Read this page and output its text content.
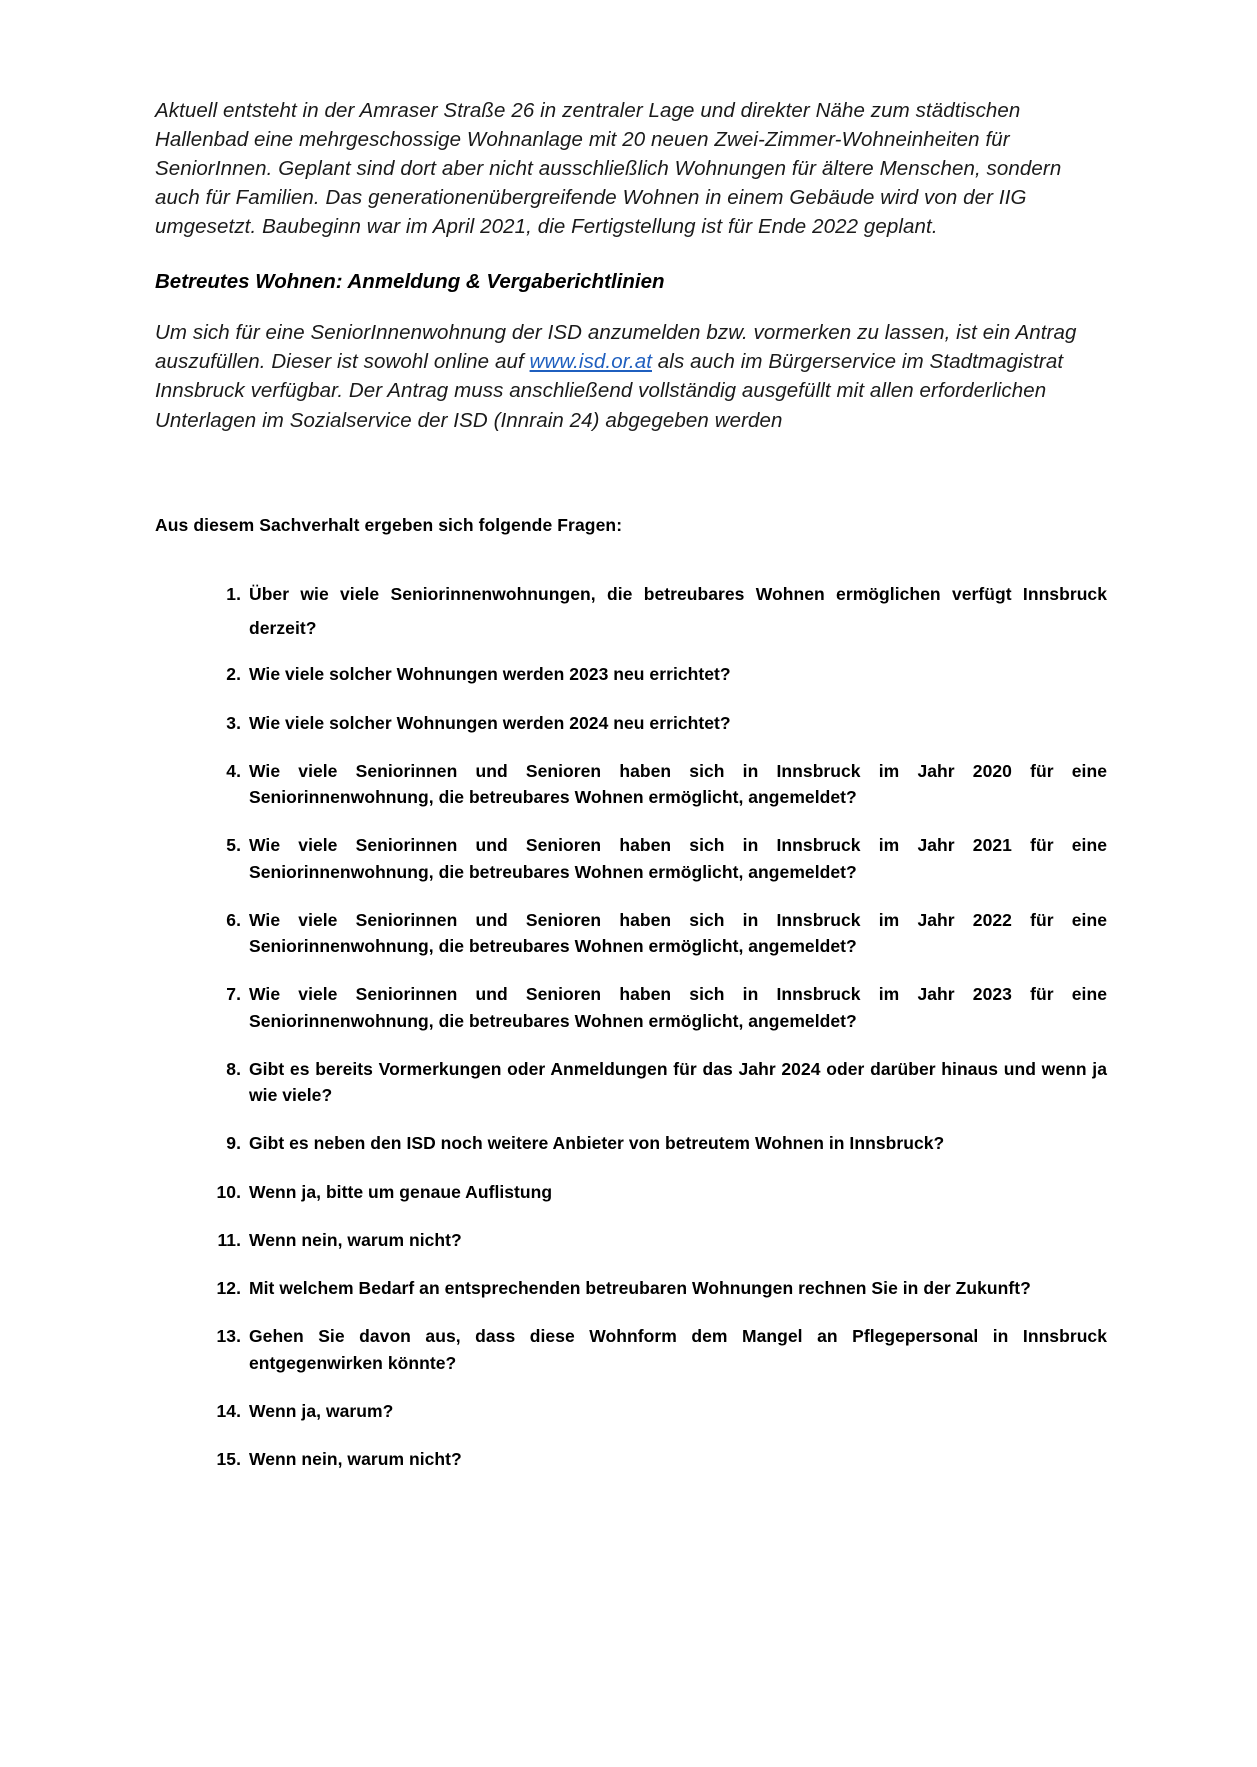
Aktuell entsteht in der Amraser Straße 26 in zentraler Lage und direkter Nähe zum städtischen Hallenbad eine mehrgeschossige Wohnanlage mit 20 neuen Zwei-Zimmer-Wohneinheiten für SeniorInnen. Geplant sind dort aber nicht ausschließlich Wohnungen für ältere Menschen, sondern auch für Familien. Das generationenübergreifende Wohnen in einem Gebäude wird von der IIG umgesetzt. Baubeginn war im April 2021, die Fertigstellung ist für Ende 2022 geplant.

Betreutes Wohnen: Anmeldung & Vergaberichtlinien

Um sich für eine SeniorInnenwohnung der ISD anzumelden bzw. vormerken zu lassen, ist ein Antrag auszufüllen. Dieser ist sowohl online auf www.isd.or.at als auch im Bürgerservice im Stadtmagistrat Innsbruck verfügbar. Der Antrag muss anschließend vollständig ausgefüllt mit allen erforderlichen Unterlagen im Sozialservice der ISD (Innrain 24) abgegeben werden

Aus diesem Sachverhalt ergeben sich folgende Fragen:

Über wie viele Seniorinnenwohnungen, die betreubares Wohnen ermöglichen verfügt Innsbruck derzeit?
Wie viele solcher Wohnungen werden 2023 neu errichtet?
Wie viele solcher Wohnungen werden 2024 neu errichtet?
Wie viele Seniorinnen und Senioren haben sich in Innsbruck im Jahr 2020 für eine Seniorinnenwohnung, die betreubares Wohnen ermöglicht, angemeldet?
Wie viele Seniorinnen und Senioren haben sich in Innsbruck im Jahr 2021 für eine Seniorinnenwohnung, die betreubares Wohnen ermöglicht, angemeldet?
Wie viele Seniorinnen und Senioren haben sich in Innsbruck im Jahr 2022 für eine Seniorinnenwohnung, die betreubares Wohnen ermöglicht, angemeldet?
Wie viele Seniorinnen und Senioren haben sich in Innsbruck im Jahr 2023 für eine Seniorinnenwohnung, die betreubares Wohnen ermöglicht, angemeldet?
Gibt es bereits Vormerkungen oder Anmeldungen für das Jahr 2024 oder darüber hinaus und wenn ja wie viele?
Gibt es neben den ISD noch weitere Anbieter von betreutem Wohnen in Innsbruck?
Wenn ja, bitte um genaue Auflistung
Wenn nein, warum nicht?
Mit welchem Bedarf an entsprechenden betreubaren Wohnungen rechnen Sie in der Zukunft?
Gehen Sie davon aus, dass diese Wohnform dem Mangel an Pflegepersonal in Innsbruck entgegenwirken könnte?
Wenn ja, warum?
Wenn nein, warum nicht?
